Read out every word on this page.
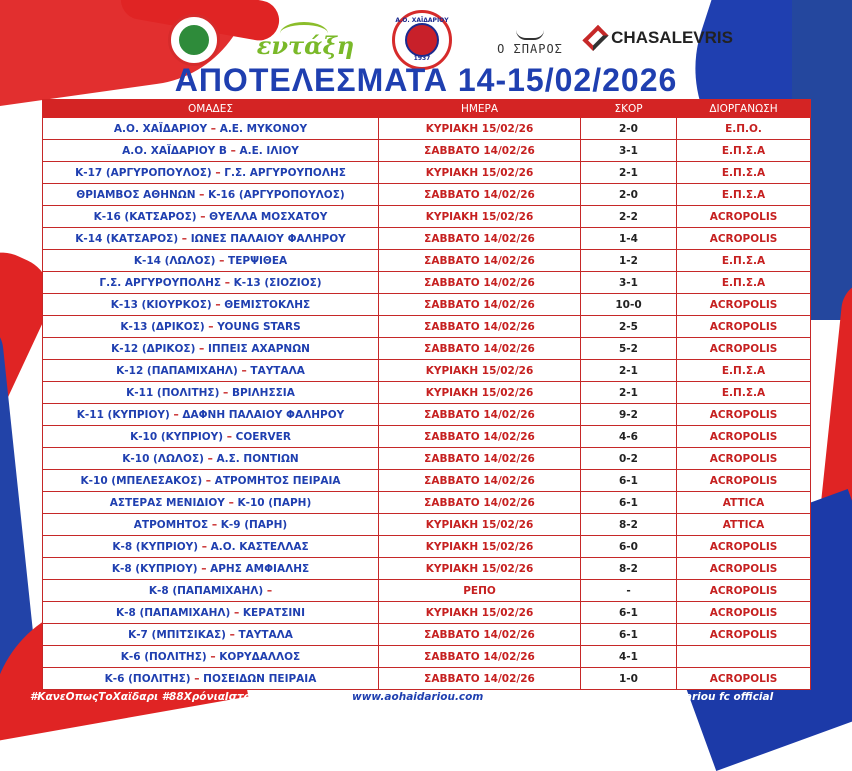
εντάξη
Α.Ο. ΧΑΪΔΑΡΙΟΥ
1937
Ο ΣΠΑΡΟΣ
CHASALEVRIS
ΑΠΟΤΕΛΕΣΜΑΤΑ 14-15/02/2026
ΟΜΑΔΕΣ	ΗΜΕΡΑ	ΣΚΟΡ	ΔΙΟΡΓΑΝΩΣΗ
Α.Ο. ΧΑΪΔΑΡΙΟΥ – Α.Ε. ΜΥΚΟΝΟΥ	ΚΥΡΙΑΚΗ 15/02/26	2-0	Ε.Π.Ο.
Α.Ο. ΧΑΪΔΑΡΙΟΥ Β – Α.Ε. ΙΛΙΟΥ	ΣΑΒΒΑΤΟ 14/02/26	3-1	Ε.Π.Σ.Α
Κ-17 (ΑΡΓΥΡΟΠΟΥΛΟΣ) – Γ.Σ. ΑΡΓΥΡΟΥΠΟΛΗΣ	ΚΥΡΙΑΚΗ 15/02/26	2-1	Ε.Π.Σ.Α
ΘΡΙΑΜΒΟΣ ΑΘΗΝΩΝ – Κ-16 (ΑΡΓΥΡΟΠΟΥΛΟΣ)	ΣΑΒΒΑΤΟ 14/02/26	2-0	Ε.Π.Σ.Α
Κ-16 (ΚΑΤΣΑΡΟΣ) – ΘΥΕΛΛΑ ΜΟΣΧΑΤΟΥ	ΚΥΡΙΑΚΗ 15/02/26	2-2	ACROPOLIS
Κ-14 (ΚΑΤΣΑΡΟΣ) – ΙΩΝΕΣ ΠΑΛΑΙΟΥ ΦΑΛΗΡΟΥ	ΣΑΒΒΑΤΟ 14/02/26	1-4	ACROPOLIS
Κ-14 (ΛΩΛΟΣ) – ΤΕΡΨΙΘΕΑ	ΣΑΒΒΑΤΟ 14/02/26	1-2	Ε.Π.Σ.Α
Γ.Σ. ΑΡΓΥΡΟΥΠΟΛΗΣ – Κ-13 (ΣΙΟΖΙΟΣ)	ΣΑΒΒΑΤΟ 14/02/26	3-1	Ε.Π.Σ.Α
Κ-13 (ΚΙΟΥΡΚΟΣ) – ΘΕΜΙΣΤΟΚΛΗΣ	ΣΑΒΒΑΤΟ 14/02/26	10-0	ACROPOLIS
Κ-13 (ΔΡΙΚΟΣ) – YOUNG STARS	ΣΑΒΒΑΤΟ 14/02/26	2-5	ACROPOLIS
Κ-12 (ΔΡΙΚΟΣ) – ΙΠΠΕΙΣ ΑΧΑΡΝΩΝ	ΣΑΒΒΑΤΟ 14/02/26	5-2	ACROPOLIS
Κ-12 (ΠΑΠΑΜΙΧΑΗΛ) – ΤΑΥΤΑΛΑ	ΚΥΡΙΑΚΗ 15/02/26	2-1	Ε.Π.Σ.Α
Κ-11 (ΠΟΛΙΤΗΣ) – ΒΡΙΛΗΣΣΙΑ	ΚΥΡΙΑΚΗ 15/02/26	2-1	Ε.Π.Σ.Α
Κ-11 (ΚΥΠΡΙΟΥ) – ΔΑΦΝΗ ΠΑΛΑΙΟΥ ΦΑΛΗΡΟΥ	ΣΑΒΒΑΤΟ 14/02/26	9-2	ACROPOLIS
Κ-10 (ΚΥΠΡΙΟΥ) – COERVER	ΣΑΒΒΑΤΟ 14/02/26	4-6	ACROPOLIS
Κ-10 (ΛΩΛΟΣ) – Α.Σ. ΠΟΝΤΙΩΝ	ΣΑΒΒΑΤΟ 14/02/26	0-2	ACROPOLIS
Κ-10 (ΜΠΕΛΕΣΑΚΟΣ) – ΑΤΡΟΜΗΤΟΣ ΠΕΙΡΑΙΑ	ΣΑΒΒΑΤΟ 14/02/26	6-1	ACROPOLIS
ΑΣΤΕΡΑΣ ΜΕΝΙΔΙΟΥ – Κ-10 (ΠΑΡΗ)	ΣΑΒΒΑΤΟ 14/02/26	6-1	ATTICA
ΑΤΡΟΜΗΤΟΣ – Κ-9 (ΠΑΡΗ)	ΚΥΡΙΑΚΗ 15/02/26	8-2	ATTICA
Κ-8 (ΚΥΠΡΙΟΥ) – Α.Ο. ΚΑΣΤΕΛΛΑΣ	ΚΥΡΙΑΚΗ 15/02/26	6-0	ACROPOLIS
Κ-8 (ΚΥΠΡΙΟΥ) – ΑΡΗΣ ΑΜΦΙΑΛΗΣ	ΚΥΡΙΑΚΗ 15/02/26	8-2	ACROPOLIS
Κ-8 (ΠΑΠΑΜΙΧΑΗΛ) –	ΡΕΠΟ	-	ACROPOLIS
Κ-8 (ΠΑΠΑΜΙΧΑΗΛ) – ΚΕΡΑΤΣΙΝΙ	ΚΥΡΙΑΚΗ 15/02/26	6-1	ACROPOLIS
Κ-7 (ΜΠΙΤΣΙΚΑΣ) – ΤΑΥΤΑΛΑ	ΣΑΒΒΑΤΟ 14/02/26	6-1	ACROPOLIS
Κ-6 (ΠΟΛΙΤΗΣ) – ΚΟΡΥΔΑΛΛΟΣ	ΣΑΒΒΑΤΟ 14/02/26	4-1	
Κ-6 (ΠΟΛΙΤΗΣ) – ΠΟΣΕΙΔΩΝ ΠΕΙΡΑΙΑ	ΣΑΒΒΑΤΟ 14/02/26	1-0	ACROPOLIS
#ΚανεΟπωςΤοΧαϊδαρι #88ΧρόνιαΙστορίας	www.aohaidariou.com	aohaidariou fc Athletic Haidariou fc official
